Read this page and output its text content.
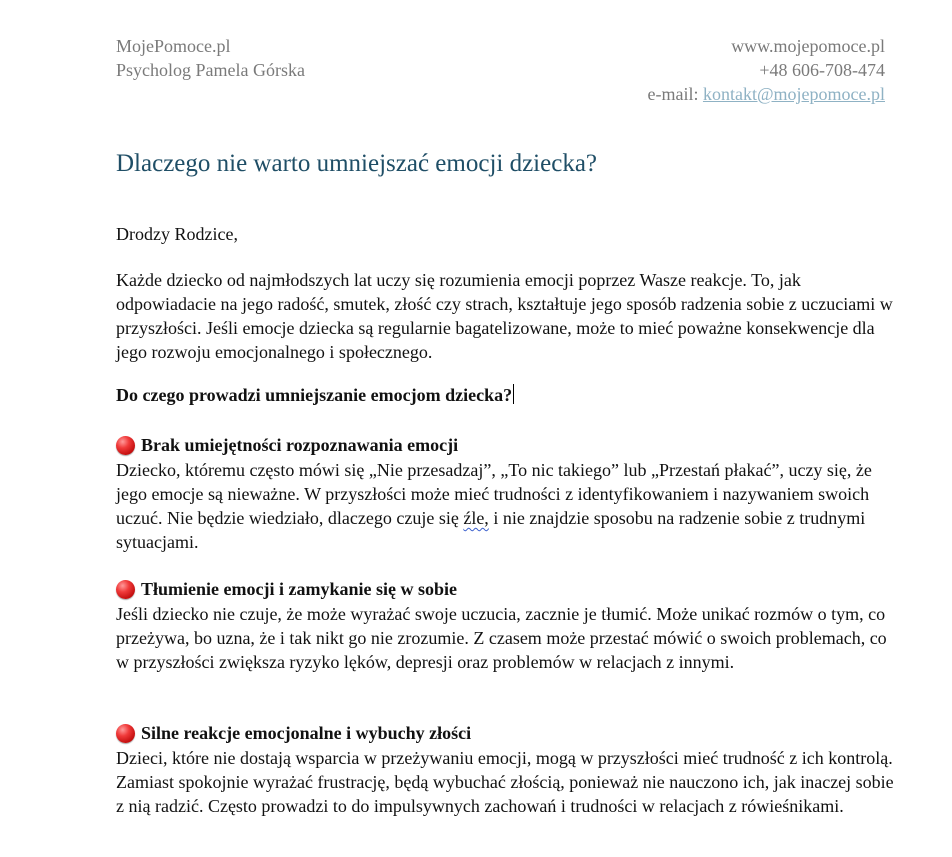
MojePomoce.pl
Psycholog Pamela Górska
www.mojepomoce.pl
+48 606-708-474
e-mail: kontakt@mojepomoce.pl
Dlaczego nie warto umniejszać emocji dziecka?

Drodzy Rodzice,

Każde dziecko od najmłodszych lat uczy się rozumienia emocji poprzez Wasze reakcje. To, jak odpowiadacie na jego radość, smutek, złość czy strach, kształtuje jego sposób radzenia sobie z uczuciami w przyszłości. Jeśli emocje dziecka są regularnie bagatelizowane, może to mieć poważne konsekwencje dla jego rozwoju emocjonalnego i społecznego.

Do czego prowadzi umniejszanie emocjom dziecka?

Brak umiejętności rozpoznawania emocji

Dziecko, któremu często mówi się „Nie przesadzaj”, „To nic takiego” lub „Przestań płakać”, uczy się, że jego emocje są nieważne. W przyszłości może mieć trudności z identyfikowaniem i nazywaniem swoich uczuć. Nie będzie wiedziało, dlaczego czuje się źle, i nie znajdzie sposobu na radzenie sobie z trudnymi sytuacjami.

Tłumienie emocji i zamykanie się w sobie

Jeśli dziecko nie czuje, że może wyrażać swoje uczucia, zacznie je tłumić. Może unikać rozmów o tym, co przeżywa, bo uzna, że i tak nikt go nie zrozumie. Z czasem może przestać mówić o swoich problemach, co w przyszłości zwiększa ryzyko lęków, depresji oraz problemów w relacjach z innymi.

Silne reakcje emocjonalne i wybuchy złości

Dzieci, które nie dostają wsparcia w przeżywaniu emocji, mogą w przyszłości mieć trudność z ich kontrolą. Zamiast spokojnie wyrażać frustrację, będą wybuchać złością, ponieważ nie nauczono ich, jak inaczej sobie z nią radzić. Często prowadzi to do impulsywnych zachowań i trudności w relacjach z rówieśnikami.
